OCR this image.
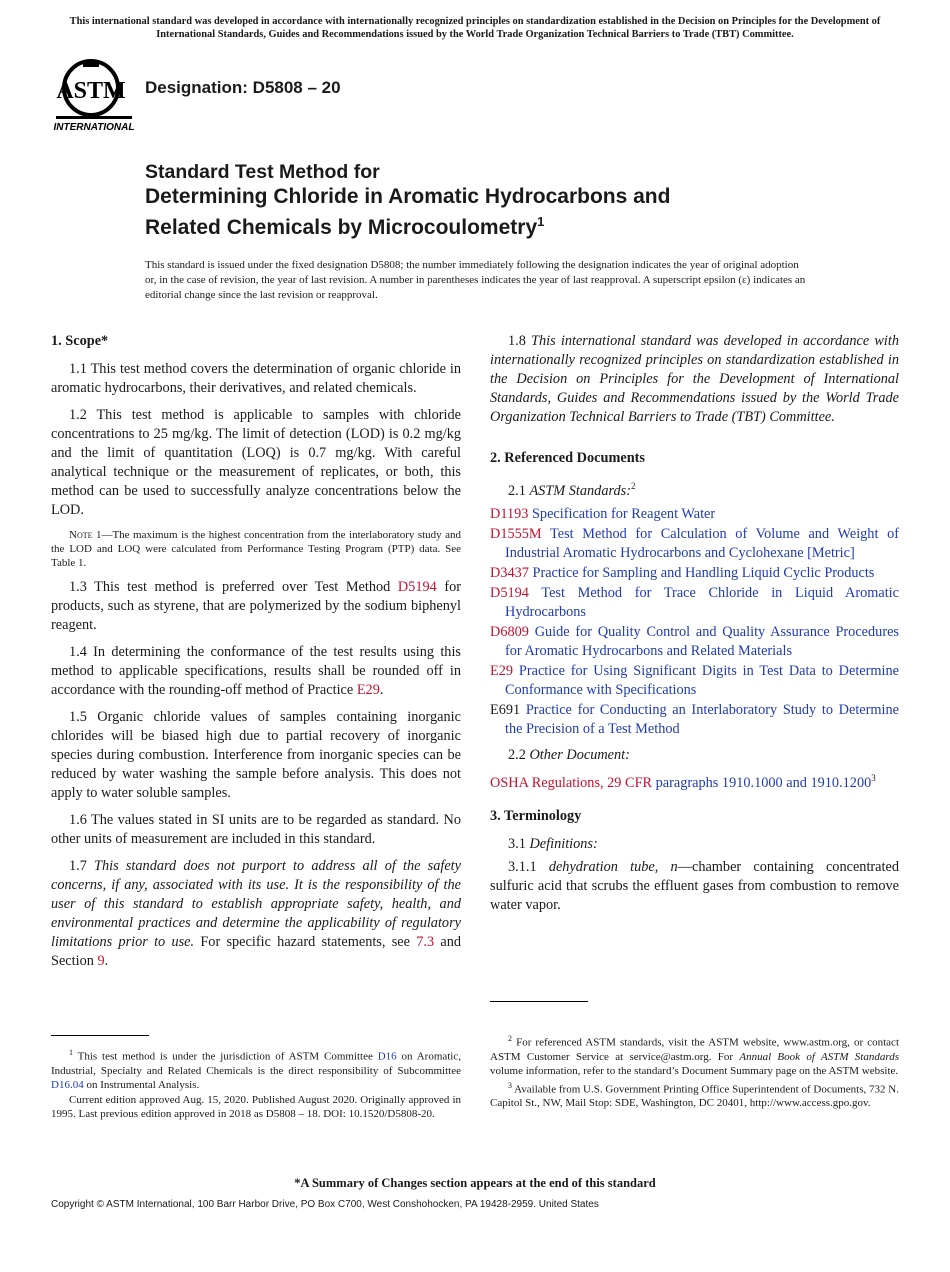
This international standard was developed in accordance with internationally recognized principles on standardization established in the Decision on Principles for the Development of International Standards, Guides and Recommendations issued by the World Trade Organization Technical Barriers to Trade (TBT) Committee.
ASTM
INTERNATIONAL
Designation: D5808 – 20
Standard Test Method for
Determining Chloride in Aromatic Hydrocarbons and
Related Chemicals by Microcoulometry$^1$
This standard is issued under the fixed designation D5808; the number immediately following the designation indicates the year of original adoption or, in the case of revision, the year of last revision. A number in parentheses indicates the year of last reapproval. A superscript epsilon (ε) indicates an editorial change since the last revision or reapproval.
1. Scope*

1.1 This test method covers the determination of organic chloride in aromatic hydrocarbons, their derivatives, and related chemicals.

1.2 This test method is applicable to samples with chloride concentrations to 25 mg/kg. The limit of detection (LOD) is 0.2 mg/kg and the limit of quantitation (LOQ) is 0.7 mg/kg. With careful analytical technique or the measurement of replicates, or both, this method can be used to successfully analyze concentrations below the LOD.

Note 1—The maximum is the highest concentration from the interlaboratory study and the LOD and LOQ were calculated from Performance Testing Program (PTP) data. See Table 1.

1.3 This test method is preferred over Test Method D5194 for products, such as styrene, that are polymerized by the sodium biphenyl reagent.

1.4 In determining the conformance of the test results using this method to applicable specifications, results shall be rounded off in accordance with the rounding-off method of Practice E29.

1.5 Organic chloride values of samples containing inorganic chlorides will be biased high due to partial recovery of inorganic species during combustion. Interference from inorganic species can be reduced by water washing the sample before analysis. This does not apply to water soluble samples.

1.6 The values stated in SI units are to be regarded as standard. No other units of measurement are included in this standard.

1.7 This standard does not purport to address all of the safety concerns, if any, associated with its use. It is the responsibility of the user of this standard to establish appropriate safety, health, and environmental practices and determine the applicability of regulatory limitations prior to use. For specific hazard statements, see 7.3 and Section 9.

1.8 This international standard was developed in accordance with internationally recognized principles on standardization established in the Decision on Principles for the Development of International Standards, Guides and Recommendations issued by the World Trade Organization Technical Barriers to Trade (TBT) Committee.

2. Referenced Documents

2.1 ASTM Standards:$^2$

D1193 Specification for Reagent Water
D1555M Test Method for Calculation of Volume and Weight of Industrial Aromatic Hydrocarbons and Cyclohexane [Metric]
D3437 Practice for Sampling and Handling Liquid Cyclic Products
D5194 Test Method for Trace Chloride in Liquid Aromatic Hydrocarbons
D6809 Guide for Quality Control and Quality Assurance Procedures for Aromatic Hydrocarbons and Related Materials
E29 Practice for Using Significant Digits in Test Data to Determine Conformance with Specifications
E691 Practice for Conducting an Interlaboratory Study to Determine the Precision of a Test Method

2.2 Other Document:

OSHA Regulations, 29 CFR paragraphs 1910.1000 and 1910.1200$^3$
3. Terminology

3.1 Definitions:

3.1.1 dehydration tube, n—chamber containing concentrated sulfuric acid that scrubs the effluent gases from combustion to remove water vapor.

$^1$ This test method is under the jurisdiction of ASTM Committee D16 on Aromatic, Industrial, Specialty and Related Chemicals is the direct responsibility of Subcommittee D16.04 on Instrumental Analysis.

Current edition approved Aug. 15, 2020. Published August 2020. Originally approved in 1995. Last previous edition approved in 2018 as D5808 – 18. DOI: 10.1520/D5808-20.

$^2$ For referenced ASTM standards, visit the ASTM website, www.astm.org, or contact ASTM Customer Service at service@astm.org. For Annual Book of ASTM Standards volume information, refer to the standard’s Document Summary page on the ASTM website.

$^3$ Available from U.S. Government Printing Office Superintendent of Documents, 732 N. Capitol St., NW, Mail Stop: SDE, Washington, DC 20401, http://www.access.gpo.gov.

*A Summary of Changes section appears at the end of this standard
Copyright © ASTM International, 100 Barr Harbor Drive, PO Box C700, West Conshohocken, PA 19428-2959. United States
